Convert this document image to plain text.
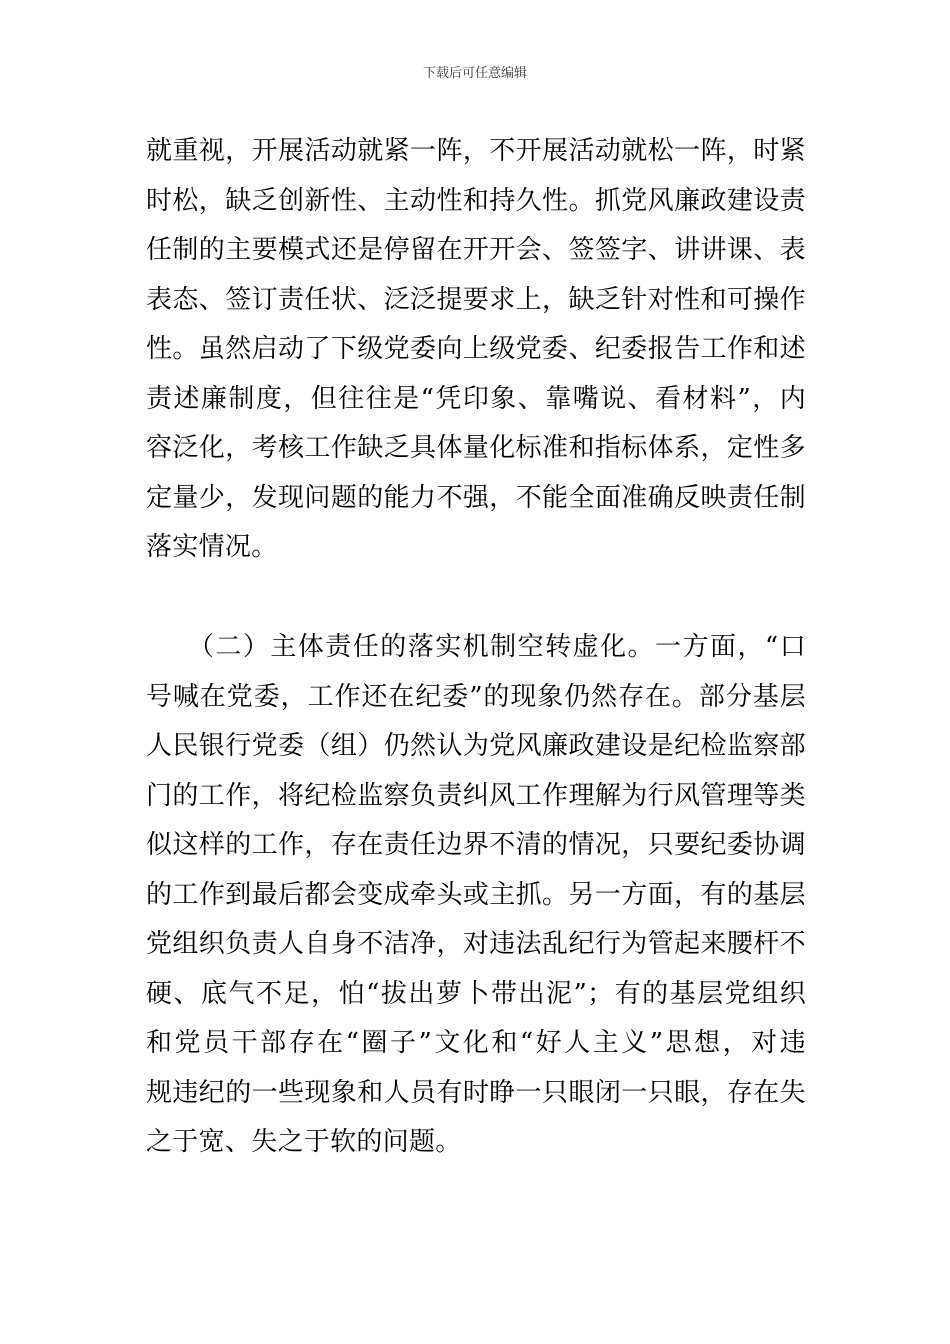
下载后可任意编辑
就重视，开展活动就紧一阵，不开展活动就松一阵，时紧
时松，缺乏创新性、主动性和持久性。抓党风廉政建设责
任制的主要模式还是停留在开开会、签签字、讲讲课、表
表态、签订责任状、泛泛提要求上，缺乏针对性和可操作
性。虽然启动了下级党委向上级党委、纪委报告工作和述
责述廉制度，但往往是“凭印象、靠嘴说、看材料”，内
容泛化，考核工作缺乏具体量化标准和指标体系，定性多
定量少，发现问题的能力不强，不能全面准确反映责任制
落实情况。
　　（二）主体责任的落实机制空转虚化。一方面，“口
号喊在党委，工作还在纪委”的现象仍然存在。部分基层
人民银行党委（组）仍然认为党风廉政建设是纪检监察部
门的工作，将纪检监察负责纠风工作理解为行风管理等类
似这样的工作，存在责任边界不清的情况，只要纪委协调
的工作到最后都会变成牵头或主抓。另一方面，有的基层
党组织负责人自身不洁净，对违法乱纪行为管起来腰杆不
硬、底气不足，怕“拔出萝卜带出泥”；有的基层党组织
和党员干部存在“圈子”文化和“好人主义”思想，对违
规违纪的一些现象和人员有时睁一只眼闭一只眼，存在失
之于宽、失之于软的问题。
